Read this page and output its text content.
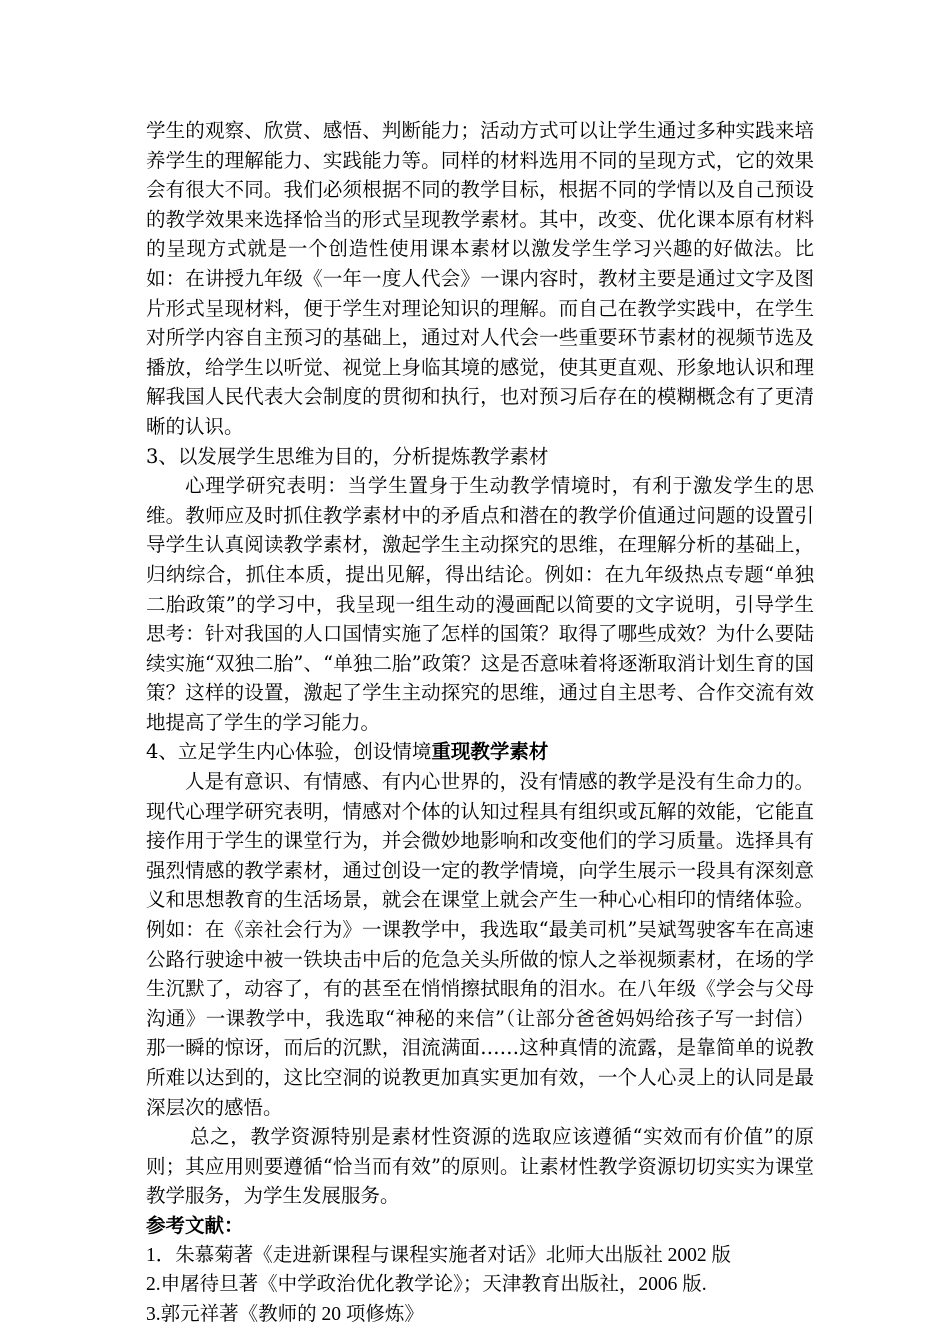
学生的观察、欣赏、感悟、判断能力；活动方式可以让学生通过多种实践来培养学生的理解能力、实践能力等。同样的材料选用不同的呈现方式，它的效果会有很大不同。我们必须根据不同的教学目标，根据不同的学情以及自己预设的教学效果来选择恰当的形式呈现教学素材。其中，改变、优化课本原有材料的呈现方式就是一个创造性使用课本素材以激发学生学习兴趣的好做法。比如：在讲授九年级《一年一度人代会》一课内容时，教材主要是通过文字及图片形式呈现材料，便于学生对理论知识的理解。而自己在教学实践中，在学生对所学内容自主预习的基础上，通过对人代会一些重要环节素材的视频节选及播放，给学生以听觉、视觉上身临其境的感觉，使其更直观、形象地认识和理解我国人民代表大会制度的贯彻和执行，也对预习后存在的模糊概念有了更清晰的认识。

3、以发展学生思维为目的，分析提炼教学素材

心理学研究表明：当学生置身于生动教学情境时，有利于激发学生的思维。教师应及时抓住教学素材中的矛盾点和潜在的教学价值通过问题的设置引导学生认真阅读教学素材，激起学生主动探究的思维，在理解分析的基础上，归纳综合，抓住本质，提出见解，得出结论。例如：在九年级热点专题“单独二胎政策”的学习中，我呈现一组生动的漫画配以简要的文字说明，引导学生思考：针对我国的人口国情实施了怎样的国策？取得了哪些成效？为什么要陆续实施“双独二胎”、“单独二胎”政策？这是否意味着将逐渐取消计划生育的国策？这样的设置，激起了学生主动探究的思维，通过自主思考、合作交流有效地提高了学生的学习能力。

4、立足学生内心体验，创设情境重现教学素材

人是有意识、有情感、有内心世界的，没有情感的教学是没有生命力的。现代心理学研究表明，情感对个体的认知过程具有组织或瓦解的效能，它能直接作用于学生的课堂行为，并会微妙地影响和改变他们的学习质量。选择具有强烈情感的教学素材，通过创设一定的教学情境，向学生展示一段具有深刻意义和思想教育的生活场景，就会在课堂上就会产生一种心心相印的情绪体验。例如：在《亲社会行为》一课教学中，我选取“最美司机”吴斌驾驶客车在高速公路行驶途中被一铁块击中后的危急关头所做的惊人之举视频素材，在场的学生沉默了，动容了，有的甚至在悄悄擦拭眼角的泪水。在八年级《学会与父母沟通》一课教学中，我选取“神秘的来信”（让部分爸爸妈妈给孩子写一封信）那一瞬的惊讶，而后的沉默，泪流满面……这种真情的流露，是靠简单的说教所难以达到的，这比空洞的说教更加真实更加有效，一个人心灵上的认同是最深层次的感悟。

总之，教学资源特别是素材性资源的选取应该遵循“实效而有价值”的原则；其应用则要遵循“恰当而有效”的原则。让素材性教学资源切切实实为课堂教学服务，为学生发展服务。

参考文献：

1．朱慕菊著《走进新课程与课程实施者对话》北师大出版社 2002 版

2.申屠待旦著《中学政治优化教学论》；天津教育出版社，2006 版.

3.郭元祥著《教师的 20 项修炼》
